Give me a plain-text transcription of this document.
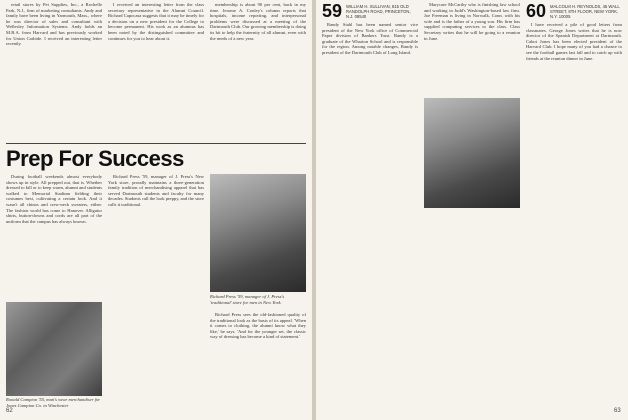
retail stores by Pet Supplies, Inc., a Rochelle Park, N.J., firm of marketing consultants. Andy and family have been living in Yarmouth, Mass., where he was director of sales and consultant with Wellesley Information Systems. Andy holds an M.B.A. from Harvard and has previously worked for Union Carbide. I received an interesting letter recently.

I received an interesting letter from the class secretary representative in the Alumni Council. Richard Capocasa suggests that it may be timely for a decision on a new president for the College to become permanent. His work as an alumnus has been noted by the distinguished committee and continues for you to hear about it.

membership is about 90 per cent, back in my time. Jerome A. Conley's column reports that hospitals, income reporting, and interpersonal problems were discussed at a meeting of the Dartmouth Club. Our growing membership is doing its bit to help the fraternity of all alumni, even with the needs of a new year.

Prep For Success

During football weekends almost everybody shows up in style. All prepped out, that is. Whether dressed to kill or to keep warm, alumni and students walked to Memorial Stadium fielding their costumes best, cultivating a certain look. And it wasn't all chinos and crew-neck sweaters, either. The fashion world has come to Hanover. Alligator shirts, button-downs and cords are all part of the uniform that the campus has always known.

Ronald Campion '55, man's wear merchandiser for Jones Campion Co. in Winchester

Richard Press '59, manager of J. Press's New York store, proudly maintains a three-generation family tradition of merchandising apparel that has served Dartmouth students and faculty for many decades. Students call the look preppy, and the store calls it traditional.

Richard Press '59, manager of J. Press's 'traditional' store for men in New York.

Richard Press sees the old-fashioned quality of the traditional look as the basis of its appeal. 'When it comes to clothing, the alumni know what they like,' he says. 'And for the younger set, the classic way of dressing has become a kind of statement.'

62
59 WILLIAM H. SULLIVAN, 815 OLD RANDOLPH ROAD, PRINCETON, N.J. 08540

Randy Stahl has been named senior vice president of the New York office of Commercial Paper division of Bankers Trust. Randy is a graduate of the Wharton School and is responsible for the region. Among notable changes, Randy is president of the Dartmouth Club of Long Island.

Marycare McCarthy who is finishing law school and working in Judd's Washington-based law firm. Joe Freeman is living in Norwalk, Conn. with his wife and is the father of a young son. His firm has supplied computing services to the class. Class Secretary writes that he will be going to a reunion in June.

60 MALCOLM H. REYNOLDS, 45 WALL STREET, 8TH FLOOR, NEW YORK, N.Y. 10005

I have received a pile of good letters from classmates. George Jones writes that he is now director of the Spanish Department at Dartmouth. Cabot Jones has been elected president of the Harvard Club. I hope many of you had a chance to see the football games last fall and to catch up with friends at the reunion dinner in June.

63
